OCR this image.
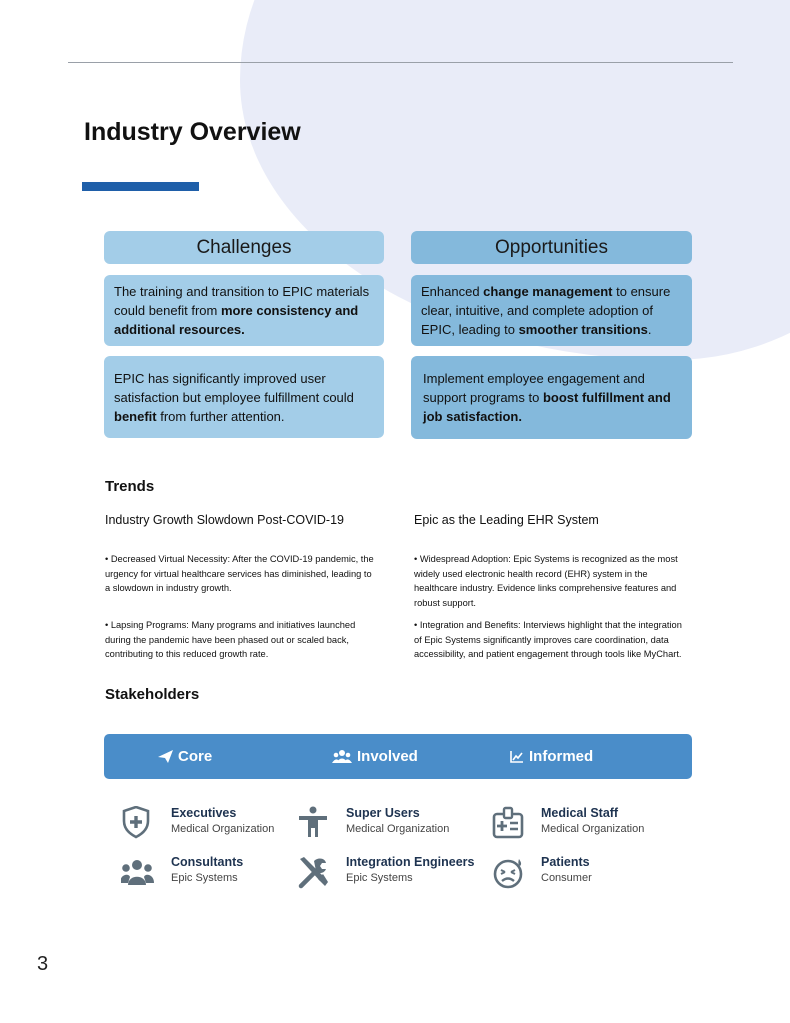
Industry Overview
Challenges
The training and transition to EPIC materials could benefit from more consistency and additional resources.
EPIC has significantly improved user satisfaction but employee fulfillment could benefit from further attention.
Opportunities
Enhanced change management to ensure clear, intuitive, and complete adoption of EPIC, leading to smoother transitions.
Implement employee engagement and support programs to boost fulfillment and job satisfaction.
Trends
Industry Growth Slowdown Post-COVID-19	Epic as the Leading EHR System
• Decreased Virtual Necessity: After the COVID-19 pandemic, the urgency for virtual healthcare services has diminished, leading to a slowdown in industry growth.
• Lapsing Programs: Many programs and initiatives launched during the pandemic have been phased out or scaled back, contributing to this reduced growth rate.
• Widespread Adoption: Epic Systems is recognized as the most widely used electronic health record (EHR) system in the healthcare industry. Evidence links comprehensive features and robust support.
• Integration and Benefits: Interviews highlight that the integration of Epic Systems significantly improves care coordination, data accessibility, and patient engagement through tools like MyChart.
Stakeholders
Core	Involved	Informed
Executives
Medical Organization
Super Users
Medical Organization
Medical Staff
Medical Organization
Consultants
Epic Systems
Integration Engineers
Epic Systems
Patients
Consumer
3
